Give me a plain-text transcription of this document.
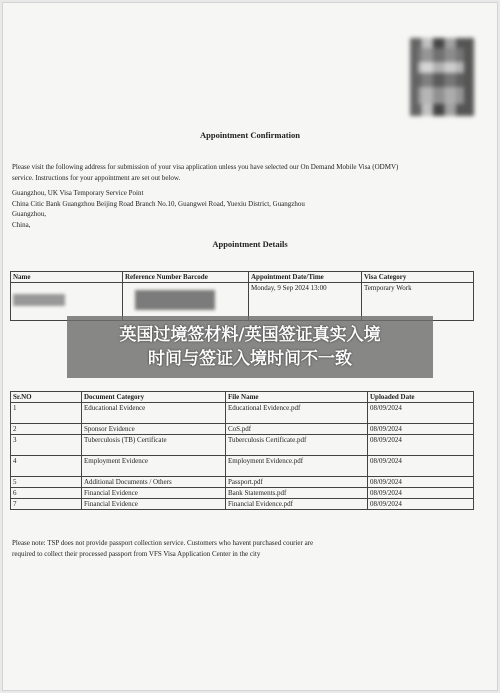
Appointment Confirmation
Please visit the following address for submission of your visa application unless you have selected our On Demand Mobile Visa (ODMV)
service. Instructions for your appointment are set out below.
Guangzhou, UK Visa Temporary Service Point
China Citic Bank Guangzhou Beijing Road Branch No.10, Guangwei Road, Yuexiu District, Guangzhou
Guangzhou,
China,
Appointment Details
Name	Reference Number Barcode	Appointment Date/Time	Visa Category
		Monday, 9 Sep 2024 13:00	Temporary Work
Sr.NO	Document Category	File Name	Uploaded Date
1	Educational Evidence	Educational Evidence.pdf	08/09/2024
2	Sponsor Evidence	CoS.pdf	08/09/2024
3	Tuberculosis (TB) Certificate	Tuberculosis Certificate.pdf	08/09/2024
4	Employment Evidence	Employment Evidence.pdf	08/09/2024
5	Additional Documents / Others	Passport.pdf	08/09/2024
6	Financial Evidence	Bank Statements.pdf	08/09/2024
7	Financial Evidence	Financial Evidence.pdf	08/09/2024
Please note: TSP does not provide passport collection service. Customers who havent purchased courier are
required to collect their processed passport from VFS Visa Application Center in the city
英国过境签材料/英国签证真实入境
时间与签证入境时间不一致
